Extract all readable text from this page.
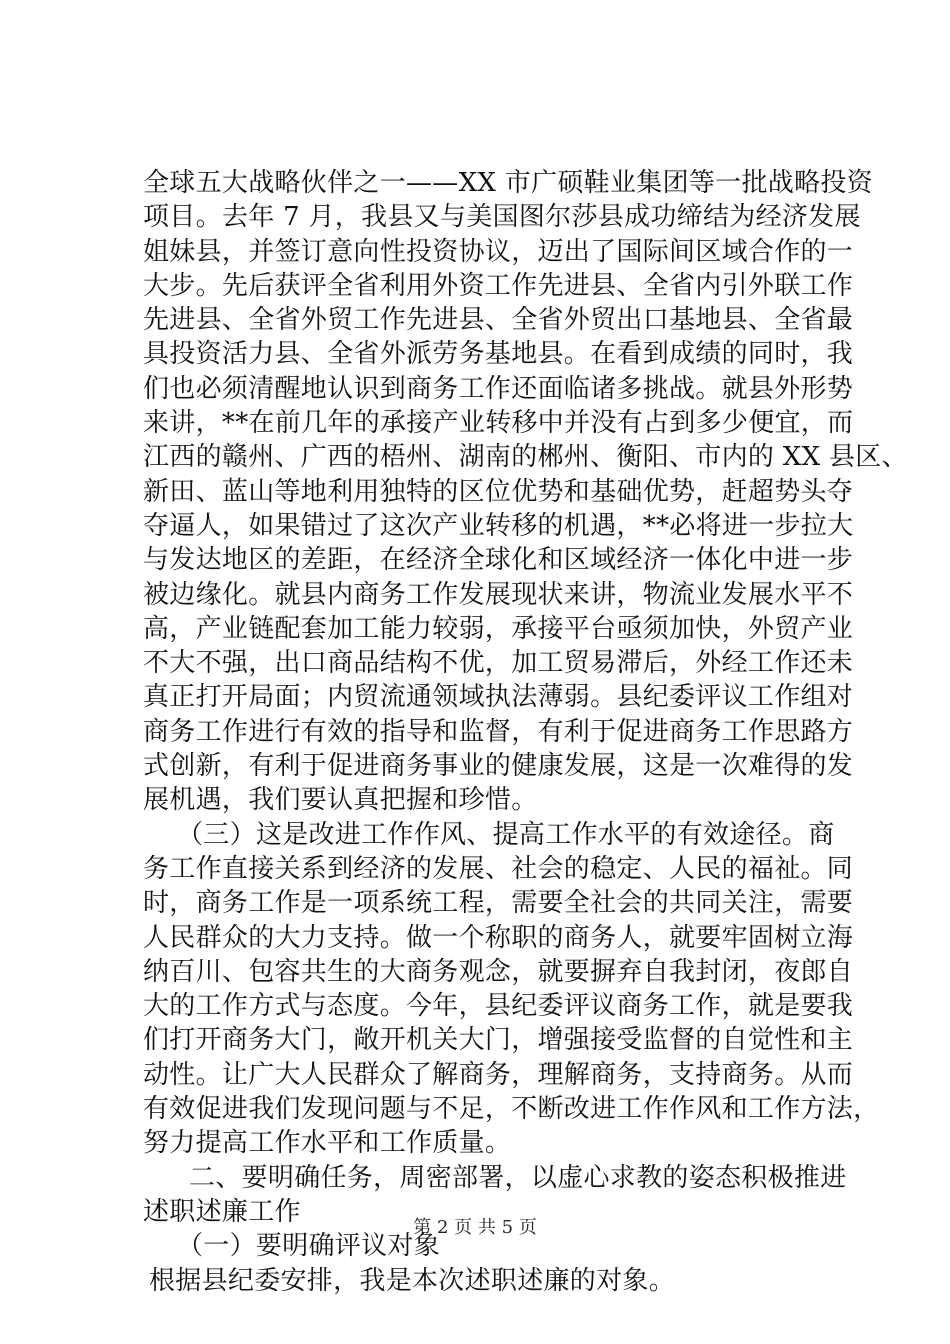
全球五大战略伙伴之一——XX 市广硕鞋业集团等一批战略投资
项目。去年 7 月，我县又与美国图尔莎县成功缔结为经济发展
姐妹县，并签订意向性投资协议，迈出了国际间区域合作的一
大步。先后获评全省利用外资工作先进县、全省内引外联工作
先进县、全省外贸工作先进县、全省外贸出口基地县、全省最
具投资活力县、全省外派劳务基地县。在看到成绩的同时，我
们也必须清醒地认识到商务工作还面临诸多挑战。就县外形势
来讲，**在前几年的承接产业转移中并没有占到多少便宜，而
江西的赣州、广西的梧州、湖南的郴州、衡阳、市内的 XX 县区、
新田、蓝山等地利用独特的区位优势和基础优势，赶超势头夺
夺逼人，如果错过了这次产业转移的机遇，**必将进一步拉大
与发达地区的差距，在经济全球化和区域经济一体化中进一步
被边缘化。就县内商务工作发展现状来讲，物流业发展水平不
高，产业链配套加工能力较弱，承接平台亟须加快，外贸产业
不大不强，出口商品结构不优，加工贸易滞后，外经工作还未
真正打开局面；内贸流通领域执法薄弱。县纪委评议工作组对
商务工作进行有效的指导和监督，有利于促进商务工作思路方
式创新，有利于促进商务事业的健康发展，这是一次难得的发
展机遇，我们要认真把握和珍惜。
（三）这是改进工作作风、提高工作水平的有效途径。商
务工作直接关系到经济的发展、社会的稳定、人民的福祉。同
时，商务工作是一项系统工程，需要全社会的共同关注，需要
人民群众的大力支持。做一个称职的商务人，就要牢固树立海
纳百川、包容共生的大商务观念，就要摒弃自我封闭，夜郎自
大的工作方式与态度。今年，县纪委评议商务工作，就是要我
们打开商务大门，敞开机关大门，增强接受监督的自觉性和主
动性。让广大人民群众了解商务，理解商务，支持商务。从而
有效促进我们发现问题与不足，不断改进工作作风和工作方法，
努力提高工作水平和工作质量。
二、要明确任务，周密部署，以虚心求教的姿态积极推进
述职述廉工作
（一）要明确评议对象
根据县纪委安排，我是本次述职述廉的对象。
第 2 页 共 5 页
